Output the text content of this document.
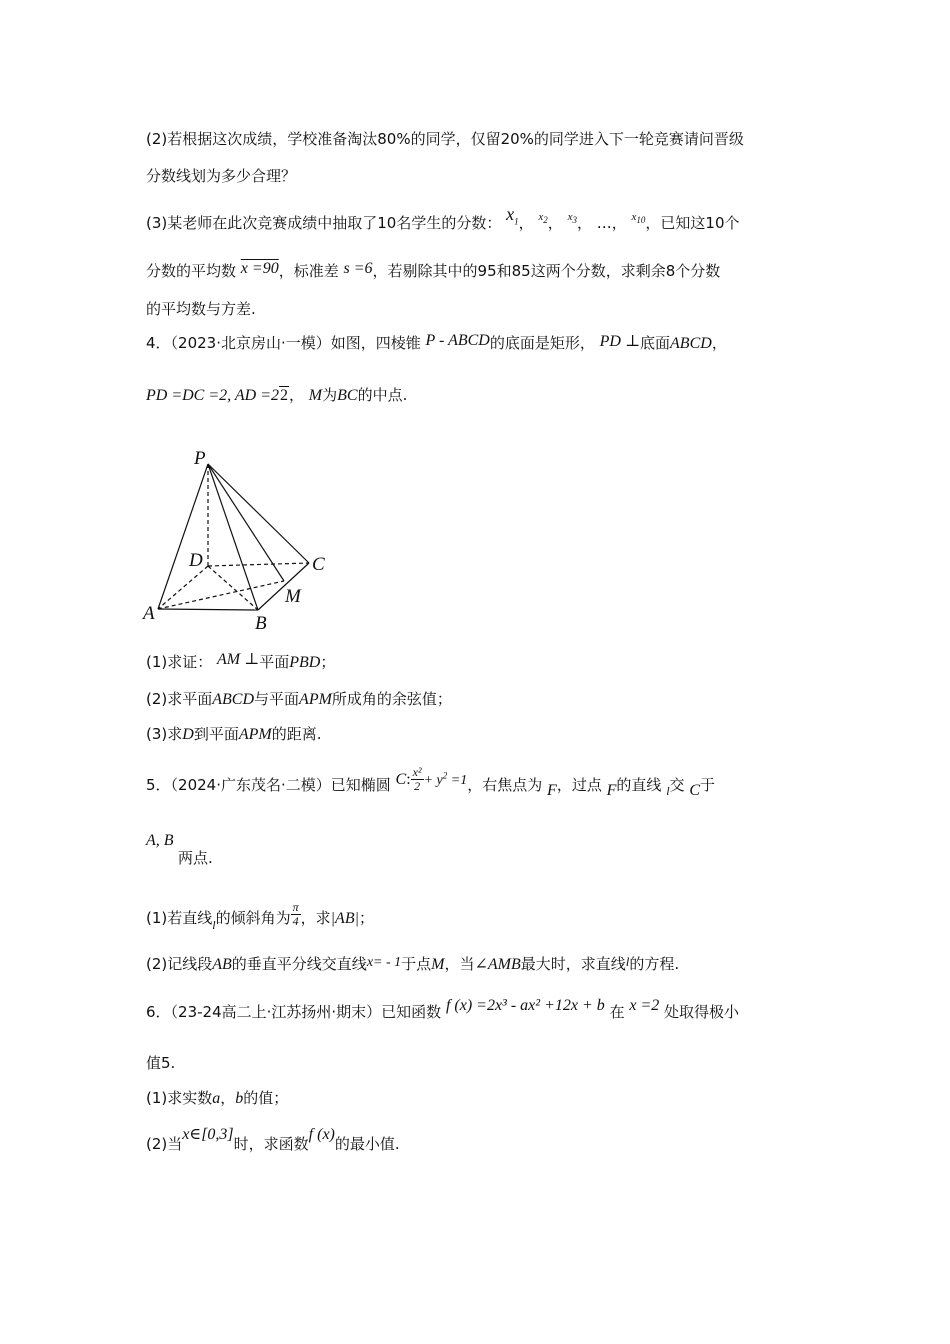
(2)若根据这次成绩，学校准备淘汰80%的同学，仅留20%的同学进入下一轮竞赛请问晋级
分数线划为多少合理？
(3)某老师在此次竞赛成绩中抽取了10名学生的分数： $x_1$， $^{x_2}$， $^{x_3}$， …， $^{x_{10}}$，已知这10个
分数的平均数 x =90，标准差 s =6，若剔除其中的95和85这两个分数，求剩余8个分数
的平均数与方差.
4．（2023·北京房山·一模）如图，四棱锥 P - ABCD的底面是矩形， PD ⊥底面ABCD，
PD =DC =2, AD =22， M为BC的中点.
P
D	C
M
A	B
(1)求证： AM ⊥平面PBD；
(2)求平面ABCD与平面APM所成角的余弦值；
(3)求D到平面APM的距离.
5．（2024·广东茂名·二模）已知椭圆 C: $\frac{\text{x²}}{2} + y^2 =1$，右焦点为 F，过点 F的直线 $_l$交 C于
A, B
两点.
(1)若直线$_l$的倾斜角为 $\frac{\pi}{4}$ ，求|AB|；
(2)记线段AB的垂直平分线交直线x= - 1于点M，当∠AMB最大时，求直线l的方程.
6．（23-24高二上·江苏扬州·期末）已知函数 f (x) =2x³ - ax² +12x + b 在 x =2 处取得极小
值5.
(1)求实数a，b的值；
(2)当x∈[0,3]时，求函数f (x)的最小值.
